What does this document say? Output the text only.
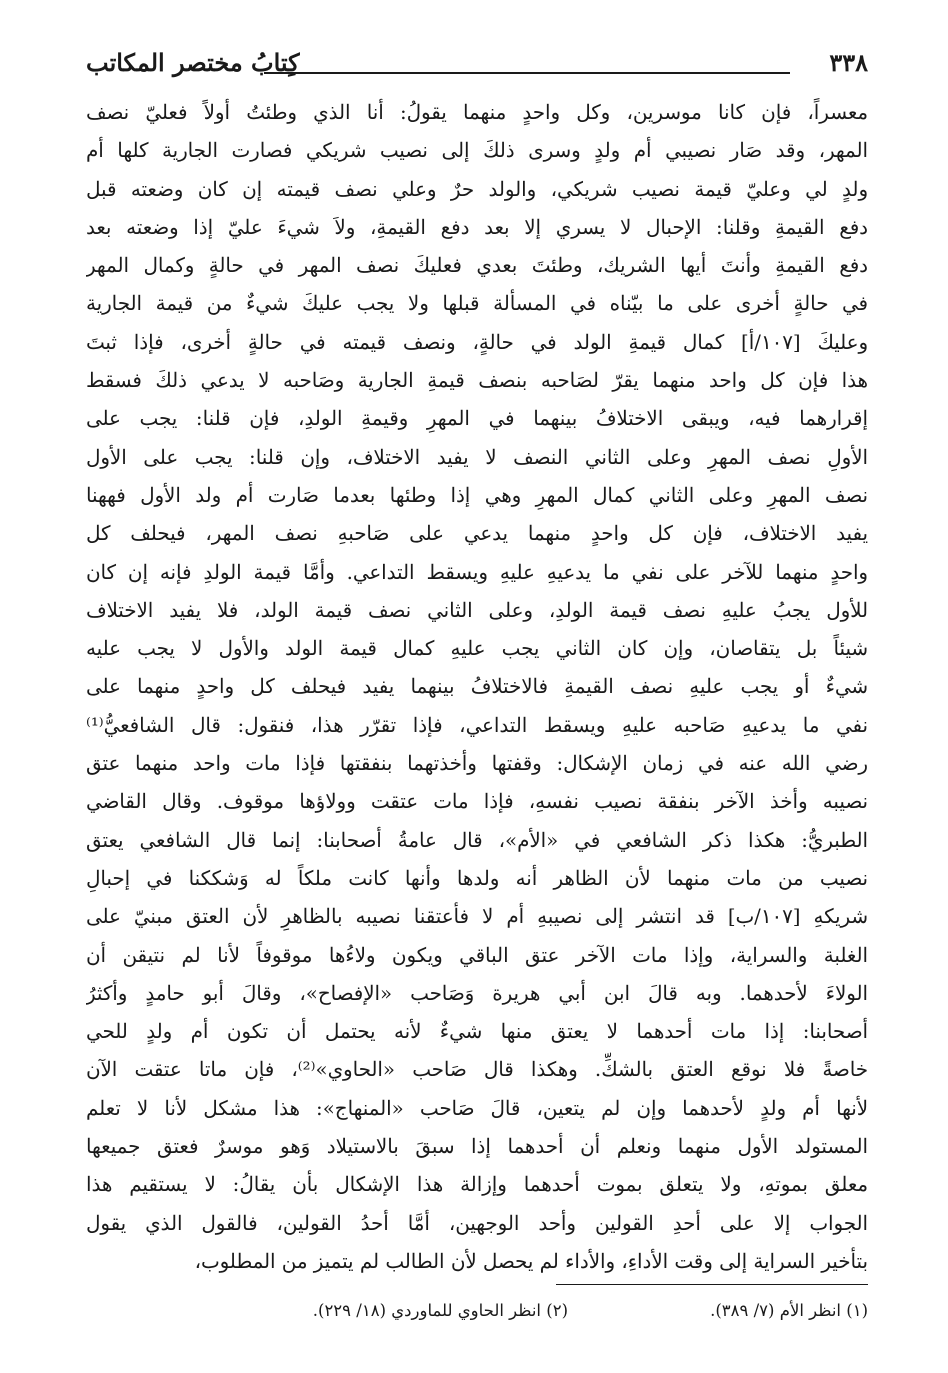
٣٣٨
كِتابُ مختصر المكاتب
معسراً، فإن كانا موسرين، وكل واحدٍ منهما يقولُ: أنا الذي وطئتُ أولاً فعليّ نصف
المهر، وقد صَار نصيبي أم ولدٍ وسرى ذلكَ إلى نصيب شريكي فصارت الجارية كلها أم
ولدٍ لي وعليّ قيمة نصيب شريكي، والولد حرٌ وعلي نصف قيمته إن كان وضعته قبل
دفع القيمةِ وقلنا: الإحبال لا يسري إلا بعد دفع القيمةِ، ولاَ شيءَ عليّ إذا وضعته بعد
دفع القيمةِ وأنتَ أيها الشريك، وطئتَ بعدي فعليكَ نصف المهر في حالةٍ وكمال المهر
في حالةٍ أخرى على ما بيّناه في المسألة قبلها ولا يجب عليكَ شيءٌ من قيمة الجارية
وعليكَ [١٠٧/أ] كمال قيمةِ الولد في حالةٍ، ونصف قيمته في حالةٍ أخرى، فإذا ثبتَ
هذا فإن كل واحد منهما يقرّ لصَاحبه بنصف قيمةِ الجارية وصَاحبه لا يدعي ذلكَ فسقط
إقرارهما فيه، ويبقى الاختلافُ بينهما في المهرِ وقيمةِ الولدِ، فإن قلنا: يجب على
الأولِ نصف المهرِ وعلى الثاني النصف لا يفيد الاختلاف، وإن قلنا: يجب على الأول
نصف المهرِ وعلى الثاني كمال المهرِ وهي إذا وطئها بعدما صَارت أم ولد الأول فههنا
يفيد الاختلاف، فإن كل واحدٍ منهما يدعي على صَاحبهِ نصف المهر، فيحلف كل
واحدٍ منهما للآخر على نفي ما يدعيهِ عليهِ ويسقط التداعي. وأمَّا قيمة الولدِ فإنه إن كان
للأول يجبُ عليهِ نصف قيمة الولدِ، وعلى الثاني نصف قيمة الولد، فلا يفيد الاختلاف
شيئاً بل يتقاصان، وإن كان الثاني يجب عليهِ كمال قيمة الولد والأول لا يجب عليه
شيءٌ أو يجب عليهِ نصف القيمةِ فالاختلافُ بينهما يفيد فيحلف كل واحدٍ منهما على
نفي ما يدعيهِ صَاحبه عليهِ ويسقط التداعي، فإذا تقرّر هذا، فنقول: قال الشافعيُّ⁽¹⁾
رضي الله عنه في زمان الإشكال: وقفتها وأخذتهما بنفقتها فإذا مات واحد منهما عتق
نصيبه وأخذ الآخر بنفقة نصيب نفسهِ، فإذا مات عتقت وولاؤها موقوف. وقال القاضي
الطبريُّ: هكذا ذكر الشافعي في «الأم»، قال عامةُ أصحابنا: إنما قال الشافعي يعتق
نصيب من مات منهما لأن الظاهر أنه ولدها وأنها كانت ملكاً له وَشككنا في إحبالِ
شريكهِ [١٠٧/ب] قد انتشر إلى نصيبهِ أم لا فأعتقنا نصيبه بالظاهرِ لأن العتق مبنيّ على
الغلبة والسراية، وإذا مات الآخر عتق الباقي ويكون ولاءُها موقوفاً لأنا لم نتيقن أن
الولاءَ لأحدهما. وبه قالَ ابن أبي هريرة وَصَاحب «الإفصاح»، وقالَ أبو حامدٍ وأكثرُ
أصحابنا: إذا مات أحدهما لا يعتق منها شيءٌ لأنه يحتمل أن تكون أم ولدٍ للحي
خاصةً فلا نوقع العتق بالشكِّ. وهكذا قال صَاحب «الحاوي»⁽²⁾، فإن ماتا عتقت الآن
لأنها أم ولدٍ لأحدهما وإن لم يتعين، قالَ صَاحب «المنهاج»: هذا مشكل لأنا لا تعلم
المستولد الأول منهما ونعلم أن أحدهما إذا سبقَ بالاستيلاد وَهو موسرٌ فعتق جميعها
معلق بموتهِ، ولا يتعلق بموت أحدهما وإزالة هذا الإشكال بأن يقالُ: لا يستقيم هذا
الجواب إلا على أحدِ القولين وأحد الوجهين، أمَّا أحدُ القولين، فالقول الذي يقول
بتأخير السراية إلى وقت الأداءِ، والأداء لم يحصل لأن الطالب لم يتميز من المطلوب،
(١) انظر الأم (٧/ ٣٨٩).
(٢) انظر الحاوي للماوردي (١٨/ ٢٢٩).
